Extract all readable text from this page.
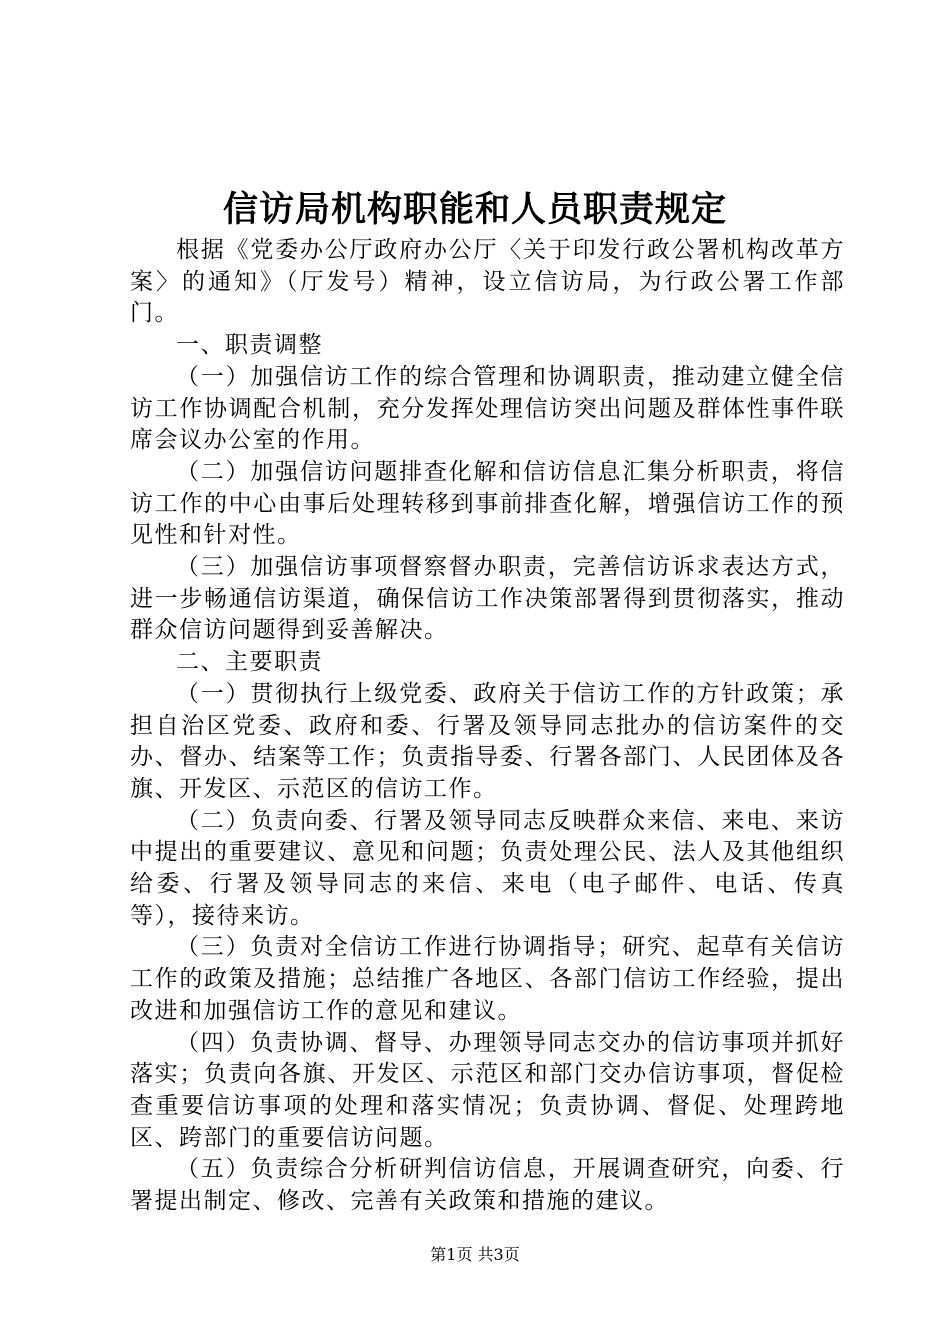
信访局机构职能和人员职责规定

根据《党委办公厅政府办公厅〈关于印发行政公署机构改革方案〉的通知》（厅发号）精神，设立信访局，为行政公署工作部门。

一、职责调整

（一）加强信访工作的综合管理和协调职责，推动建立健全信访工作协调配合机制，充分发挥处理信访突出问题及群体性事件联席会议办公室的作用。

（二）加强信访问题排查化解和信访信息汇集分析职责，将信访工作的中心由事后处理转移到事前排查化解，增强信访工作的预见性和针对性。

（三）加强信访事项督察督办职责，完善信访诉求表达方式，进一步畅通信访渠道，确保信访工作决策部署得到贯彻落实，推动群众信访问题得到妥善解决。

二、主要职责

（一）贯彻执行上级党委、政府关于信访工作的方针政策；承担自治区党委、政府和委、行署及领导同志批办的信访案件的交办、督办、结案等工作；负责指导委、行署各部门、人民团体及各旗、开发区、示范区的信访工作。

（二）负责向委、行署及领导同志反映群众来信、来电、来访中提出的重要建议、意见和问题；负责处理公民、法人及其他组织给委、行署及领导同志的来信、来电（电子邮件、电话、传真等），接待来访。

（三）负责对全信访工作进行协调指导；研究、起草有关信访工作的政策及措施；总结推广各地区、各部门信访工作经验，提出改进和加强信访工作的意见和建议。

（四）负责协调、督导、办理领导同志交办的信访事项并抓好落实；负责向各旗、开发区、示范区和部门交办信访事项，督促检查重要信访事项的处理和落实情况；负责协调、督促、处理跨地区、跨部门的重要信访问题。

（五）负责综合分析研判信访信息，开展调查研究，向委、行署提出制定、修改、完善有关政策和措施的建议。

第1页 共3页
